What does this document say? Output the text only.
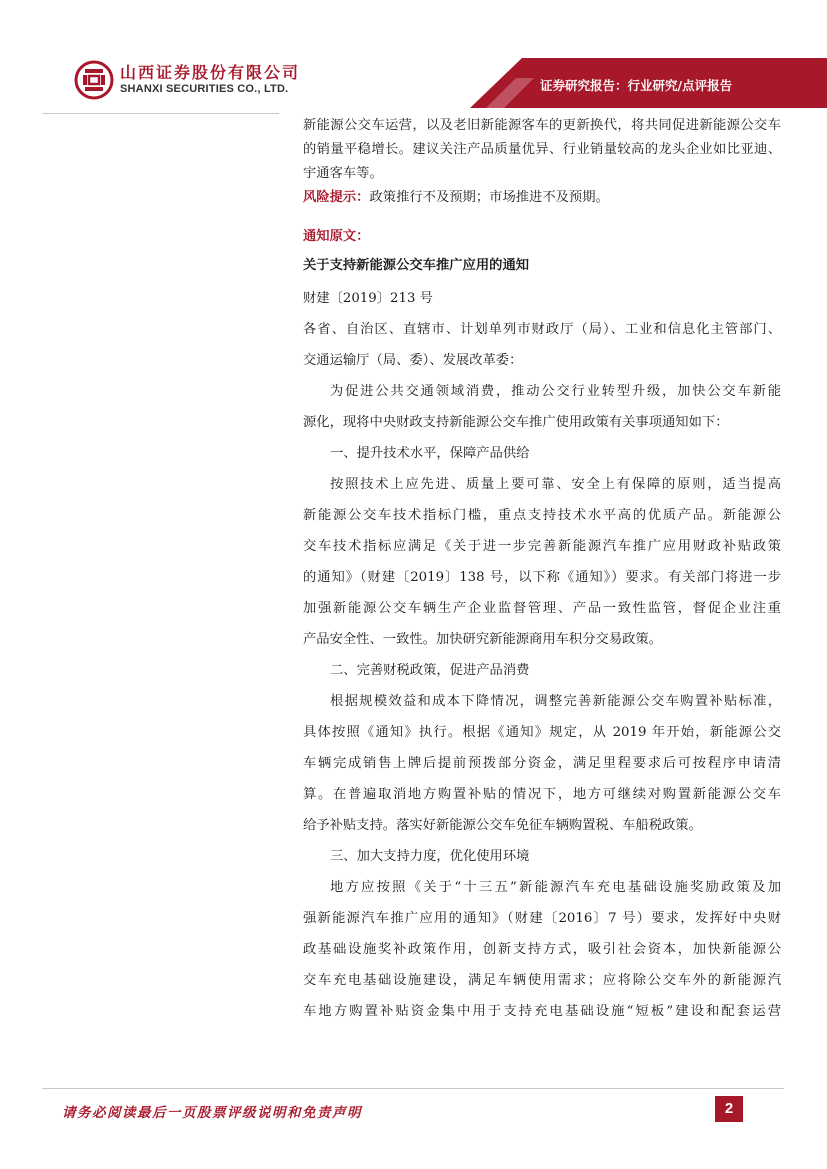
山西证券股份有限公司
SHANXI SECURITIES CO., LTD.	证券研究报告：行业研究/点评报告

新能源公交车运营，以及老旧新能源客车的更新换代，将共同促进新能源公交车的销量平稳增长。建议关注产品质量优异、行业销量较高的龙头企业如比亚迪、宇通客车等。

风险提示：政策推行不及预期；市场推进不及预期。

通知原文：

关于支持新能源公交车推广应用的通知

财建〔2019〕213 号
各省、自治区、直辖市、计划单列市财政厅（局）、工业和信息化主管部门、
交通运输厅（局、委）、发展改革委：
为促进公共交通领域消费，推动公交行业转型升级，加快公交车新能
源化，现将中央财政支持新能源公交车推广使用政策有关事项通知如下：
一、提升技术水平，保障产品供给
按照技术上应先进、质量上要可靠、安全上有保障的原则，适当提高
新能源公交车技术指标门槛，重点支持技术水平高的优质产品。新能源公
交车技术指标应满足《关于进一步完善新能源汽车推广应用财政补贴政策
的通知》（财建〔2019〕138 号，以下称《通知》）要求。有关部门将进一步
加强新能源公交车辆生产企业监督管理、产品一致性监管，督促企业注重
产品安全性、一致性。加快研究新能源商用车积分交易政策。
二、完善财税政策，促进产品消费
根据规模效益和成本下降情况，调整完善新能源公交车购置补贴标准，
具体按照《通知》执行。根据《通知》规定，从 2019 年开始，新能源公交
车辆完成销售上牌后提前预拨部分资金，满足里程要求后可按程序申请清
算。在普遍取消地方购置补贴的情况下，地方可继续对购置新能源公交车
给予补贴支持。落实好新能源公交车免征车辆购置税、车船税政策。
三、加大支持力度，优化使用环境
地方应按照《关于“十三五”新能源汽车充电基础设施奖励政策及加
强新能源汽车推广应用的通知》（财建〔2016〕7 号）要求，发挥好中央财
政基础设施奖补政策作用，创新支持方式，吸引社会资本，加快新能源公
交车充电基础设施建设，满足车辆使用需求；应将除公交车外的新能源汽
车地方购置补贴资金集中用于支持充电基础设施“短板”建设和配套运营
请务必阅读最后一页股票评级说明和免责声明	2
